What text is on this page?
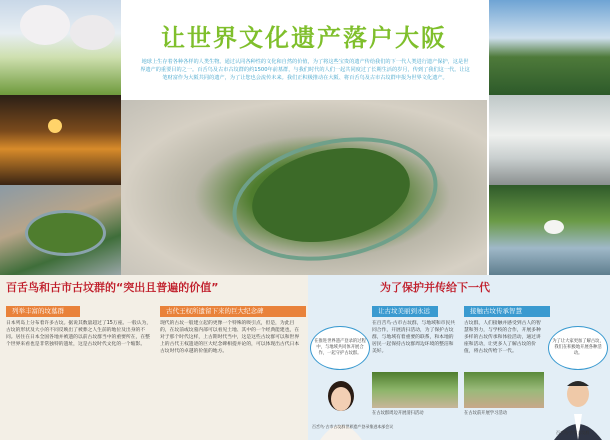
让世界文化遗产落户大阪
地球上生存着各种各样的人类生物。通过认同各种性的文化和自然的价值，为了将这些宝贵的遗产传给我们的下一代人类进行遗产保护，这是世界遗产的重要目的之一。百舌鸟及古市古坟群的约1500年前墓群，与我们时代的人们一起共同度过了长期生活的岁月，传到了我们这一代。让这笔财富作为大阪共同的遗产，为了让您也会流传未来。我们正积极推动在大阪、将百舌鸟及古市古坟群申报为世界文化遗产。
百舌鸟和古市古坟群的“突出且普遍的价值”	为了保护并传给下一代
列举丰富的坟墓群	古代王权所遗留下来的巨大纪念碑	让古坟美丽到永远	接触古坟传承智慧
日本列岛上分布着许多古坟。据说其数量超过了15万座。一般认为，古坟的形状及大小的不同反映出了被葬之人生前的地位及出身的不同。居住在日本全国各地并被遗的以前古坟群当中的重要所在，在整个世界来看也是非常独特的遗址，这是古坟时代文化的一个缩影。
现代的古坟一般建立起的更像一个特殊的吸引点，但是，为此目的，在坟前或坟墓内部可以看见土地、其中的一个经典能建也，在对于那个时代这样，上古期时代当中，这是这些古坟群可以和世界上的古代王权遗迹的巨大纪念碑相提并论的，可以体现出古代日本古坟时代的卓越的价值的地方。
在百舌鸟·古市古坟群，与地域和市民共同合作，开展清扫活动，为了保护古坟群，与地域有着重要的联系，和本地的居民一起保持古坟群周边环境的整洁和美好。
古坟群，人们接触并感受到古人的智慧和努力，与学校的合作，开展多种多样的古坟传承和体验活动，通过讲座和活动，让更多人了解古坟的价值，将古坟传给下一代。
在推进世界遗产登录的过程中，与地域共同体开展合作，一起守护古坟群。
为了让大家更加了解古坟，我们在积极地开展各种活动。
在古坟群周边开展清扫活动	在古坟前开展学习活动
百舌鸟·古市古坟群世界遗产登录推进本部会议
百舌鸟·古市古坟群
